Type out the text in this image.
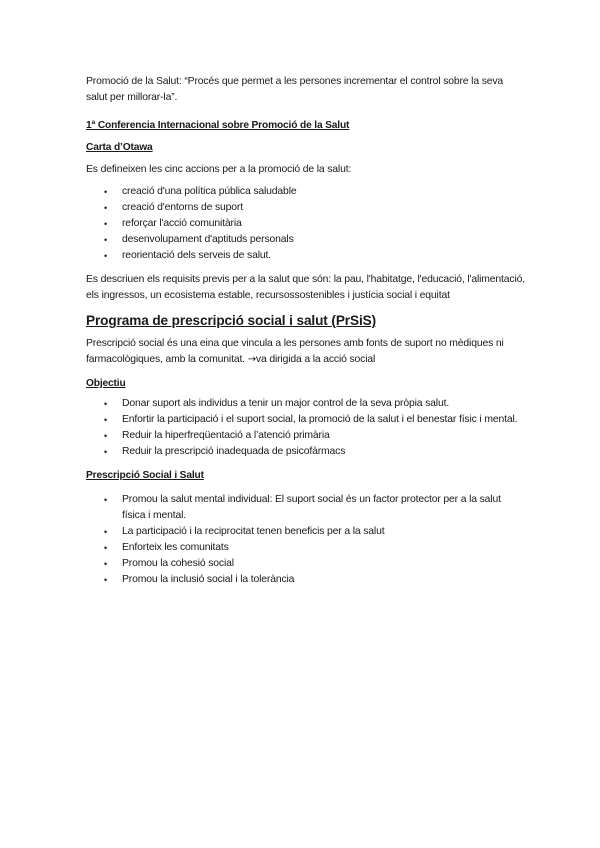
Promoció de la Salut: “Procés que permet a les persones incrementar el control sobre la seva salut per millorar-la”.

1ª Conferencia Internacional sobre Promoció de la Salut

Carta d’Otawa

Es defineixen les cinc accions per a la promoció de la salut:

• creació d'una política pública saludable
• creació d'entorns de suport
• reforçar l'acció comunitària
• desenvolupament d'aptituds personals
• reorientació dels serveis de salut.

Es descriuen els requisits previs per a la salut que són: la pau, l'habitatge, l'educació, l'alimentació, els ingressos, un ecosistema estable, recursossostenibles i justícia social i equitat

Programa de prescripció social i salut (PrSiS)

Prescripció social és una eina que vincula a les persones amb fonts de suport no mèdiques ni farmacològiques, amb la comunitat. →va dirigida a la acció social

Objectiu

• Donar suport als individus a tenir un major control de la seva pròpia salut.
• Enfortir la participació i el suport social, la promoció de la salut i el benestar físic i mental.
• Reduir la hiperfreqüentació a l’atenció primària
• Reduir la prescripció inadequada de psicofàrmacs

Prescripció Social i Salut

• Promou la salut mental individual: El suport social és un factor protector per a la salut física i mental.
• La participació i la reciprocitat tenen beneficis per a la salut
• Enforteix les comunitats
• Promou la cohesió social
• Promou la inclusió social i la tolerància
